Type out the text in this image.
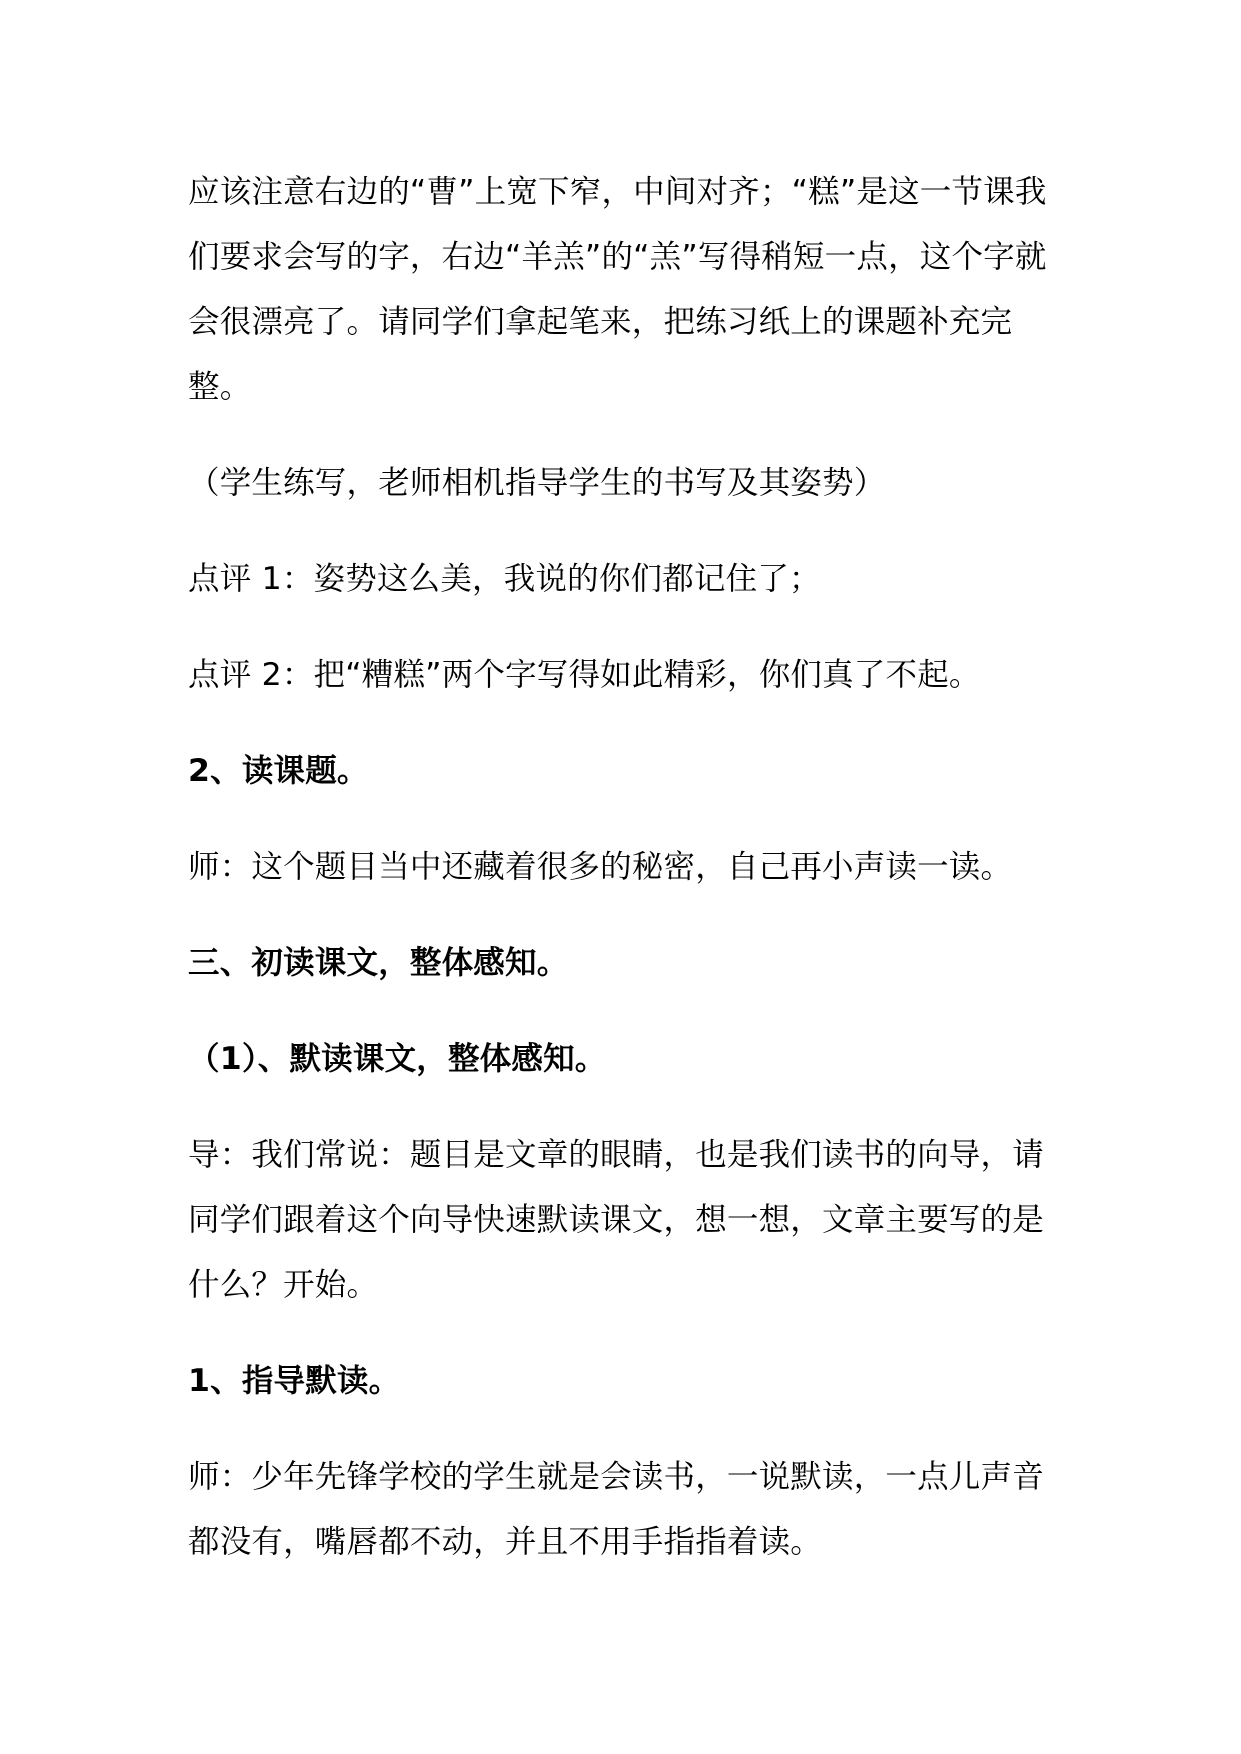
应该注意右边的“曹”上宽下窄，中间对齐；“糕”是这一节课我们要求会写的字，右边“羊羔”的“羔”写得稍短一点，这个字就会很漂亮了。请同学们拿起笔来，把练习纸上的课题补充完整。

（学生练写，老师相机指导学生的书写及其姿势）

点评 1：姿势这么美，我说的你们都记住了；

点评 2：把“糟糕”两个字写得如此精彩，你们真了不起。

2、读课题。

师：这个题目当中还藏着很多的秘密，自己再小声读一读。

三、初读课文，整体感知。

（1）、默读课文，整体感知。

导：我们常说：题目是文章的眼睛，也是我们读书的向导，请同学们跟着这个向导快速默读课文，想一想，文章主要写的是什么？开始。

1、指导默读。

师：少年先锋学校的学生就是会读书，一说默读，一点儿声音都没有，嘴唇都不动，并且不用手指指着读。
